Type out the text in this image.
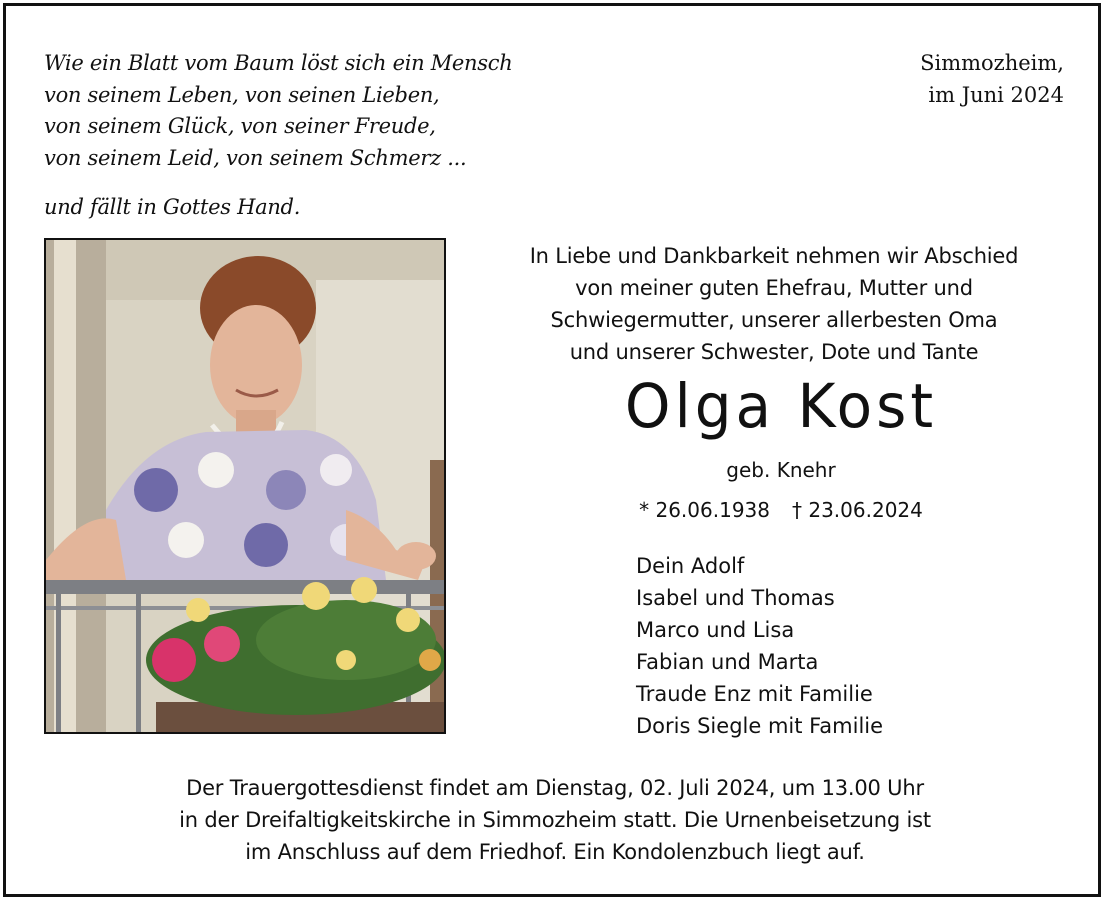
Wie ein Blatt vom Baum löst sich ein Mensch
von seinem Leben, von seinen Lieben,
von seinem Glück, von seiner Freude,
von seinem Leid, von seinem Schmerz ...
und fällt in Gottes Hand.
Simmozheim,
im Juni 2024
In Liebe und Dankbarkeit nehmen wir Abschied
von meiner guten Ehefrau, Mutter und
Schwiegermutter, unserer allerbesten Oma
und unserer Schwester, Dote und Tante
Olga Kost
geb. Knehr
* 26.06.1938 † 23.06.2024
Dein Adolf
Isabel und Thomas
Marco und Lisa
Fabian und Marta
Traude Enz mit Familie
Doris Siegle mit Familie
Der Trauergottesdienst findet am Dienstag, 02. Juli 2024, um 13.00 Uhr
in der Dreifaltigkeitskirche in Simmozheim statt. Die Urnenbeisetzung ist
im Anschluss auf dem Friedhof. Ein Kondolenzbuch liegt auf.
